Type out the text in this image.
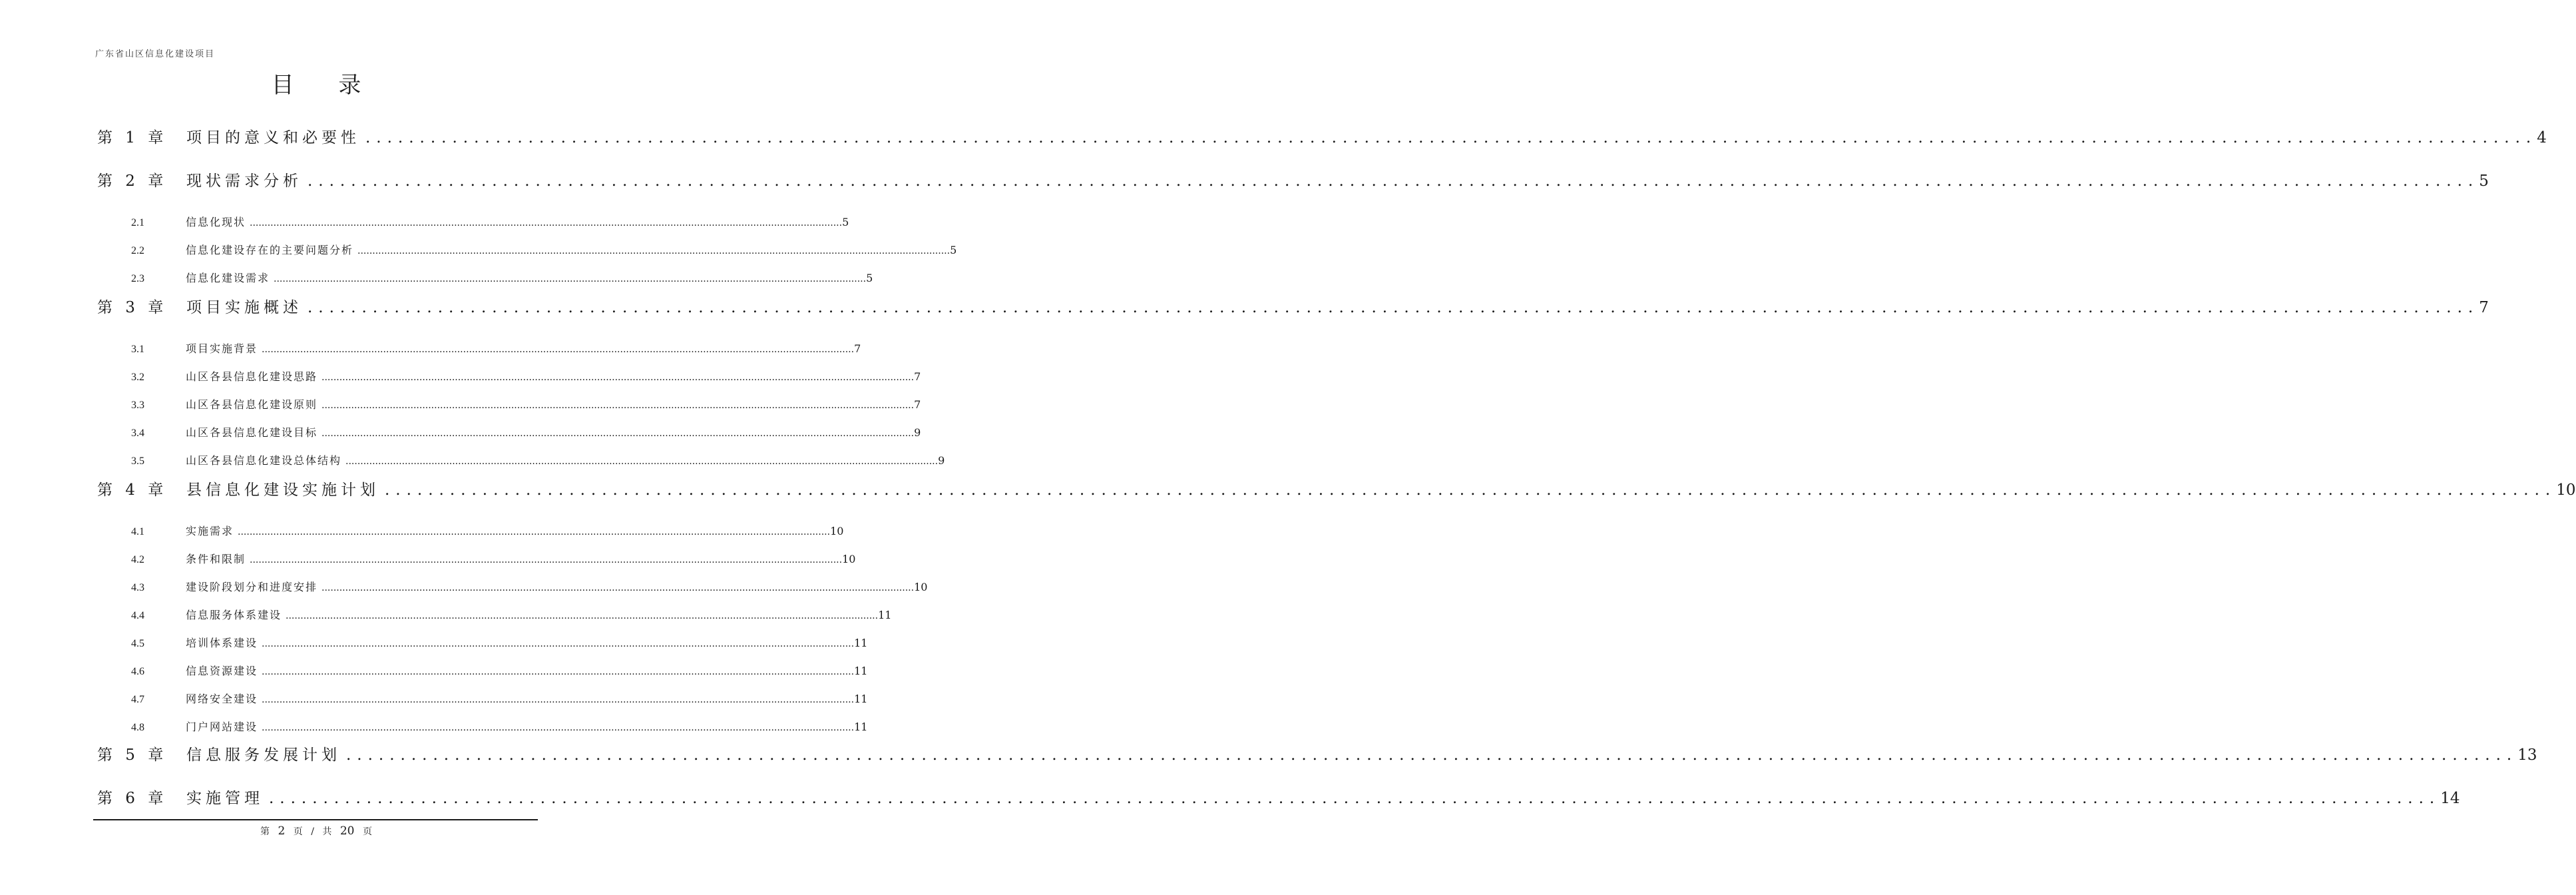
广东省山区信息化建设项目
目 录
第 1 章	项目的意义和必要性 ........................................................................................................................................................................................................ 4
第 2 章	现状需求分析 ........................................................................................................................................................................................................ 5
2.1	信息化现状 ........................................................................................................................................................................................................ 5
2.2	信息化建设存在的主要问题分析 ........................................................................................................................................................................................................ 5
2.3	信息化建设需求 ........................................................................................................................................................................................................ 5
第 3 章	项目实施概述 ........................................................................................................................................................................................................ 7
3.1	项目实施背景 ........................................................................................................................................................................................................ 7
3.2	山区各县信息化建设思路 ........................................................................................................................................................................................................ 7
3.3	山区各县信息化建设原则 ........................................................................................................................................................................................................ 7
3.4	山区各县信息化建设目标 ........................................................................................................................................................................................................ 9
3.5	山区各县信息化建设总体结构 ........................................................................................................................................................................................................ 9
第 4 章	县信息化建设实施计划 ........................................................................................................................................................................................................ 10
4.1	实施需求 ........................................................................................................................................................................................................ 10
4.2	条件和限制 ........................................................................................................................................................................................................ 10
4.3	建设阶段划分和进度安排 ........................................................................................................................................................................................................ 10
4.4	信息服务体系建设 ........................................................................................................................................................................................................ 11
4.5	培训体系建设 ........................................................................................................................................................................................................ 11
4.6	信息资源建设 ........................................................................................................................................................................................................ 11
4.7	网络安全建设 ........................................................................................................................................................................................................ 11
4.8	门户网站建设 ........................................................................................................................................................................................................ 11
第 5 章	信息服务发展计划 ........................................................................................................................................................................................................ 13
第 6 章	实施管理 ........................................................................................................................................................................................................ 14
第 2 页 / 共 20 页
